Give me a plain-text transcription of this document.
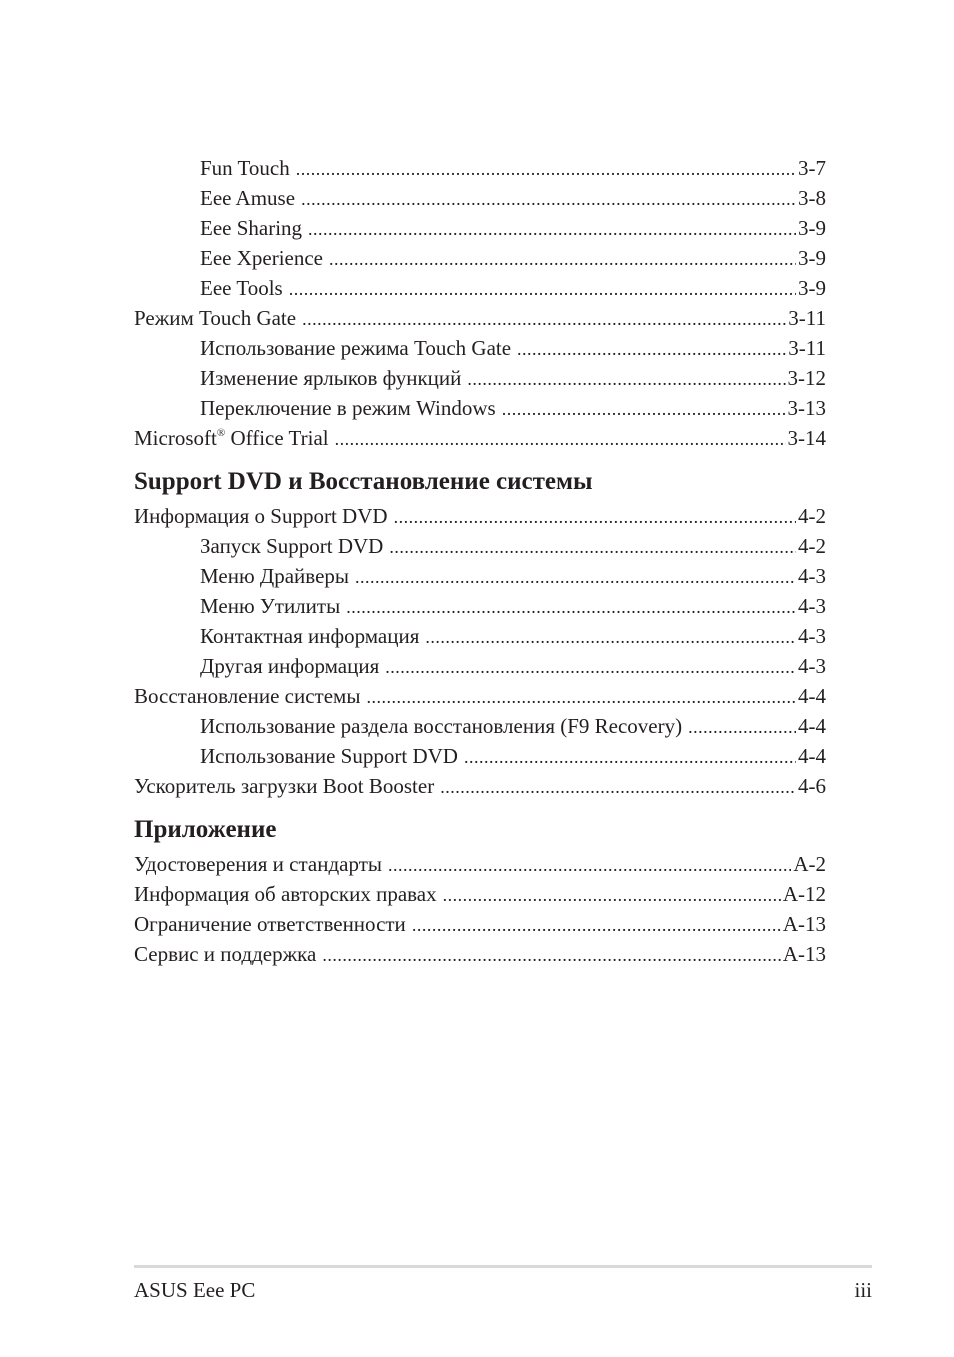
Fun Touch .....	3-7
Eee Amuse .....	3-8
Eee Sharing .....	3-9
Eee Xperience .....	3-9
Eee Tools .....	3-9
Режим Touch Gate .....	3-11
Использование режима Touch Gate .....	3-11
Изменение ярлыков функций .....	3-12
Переключение в режим Windows .....	3-13
Microsoft® Office Trial .....	3-14
Support DVD и Восстановление системы
Информация о Support DVD .....	4-2
Запуск Support DVD .....	4-2
Меню Драйверы .....	4-3
Меню Утилиты .....	4-3
Контактная информация .....	4-3
Другая информация .....	4-3
Восстановление системы .....	4-4
Использование раздела восстановления (F9 Recovery) .....	4-4
Использование Support DVD .....	4-4
Ускоритель загрузки Boot Booster .....	4-6
Приложение
Удостоверения и стандарты .....	A-2
Информация об авторских правах .....	A-12
Ограничение ответственности .....	A-13
Сервис и поддержка .....	A-13
ASUS Eee PC	iii
